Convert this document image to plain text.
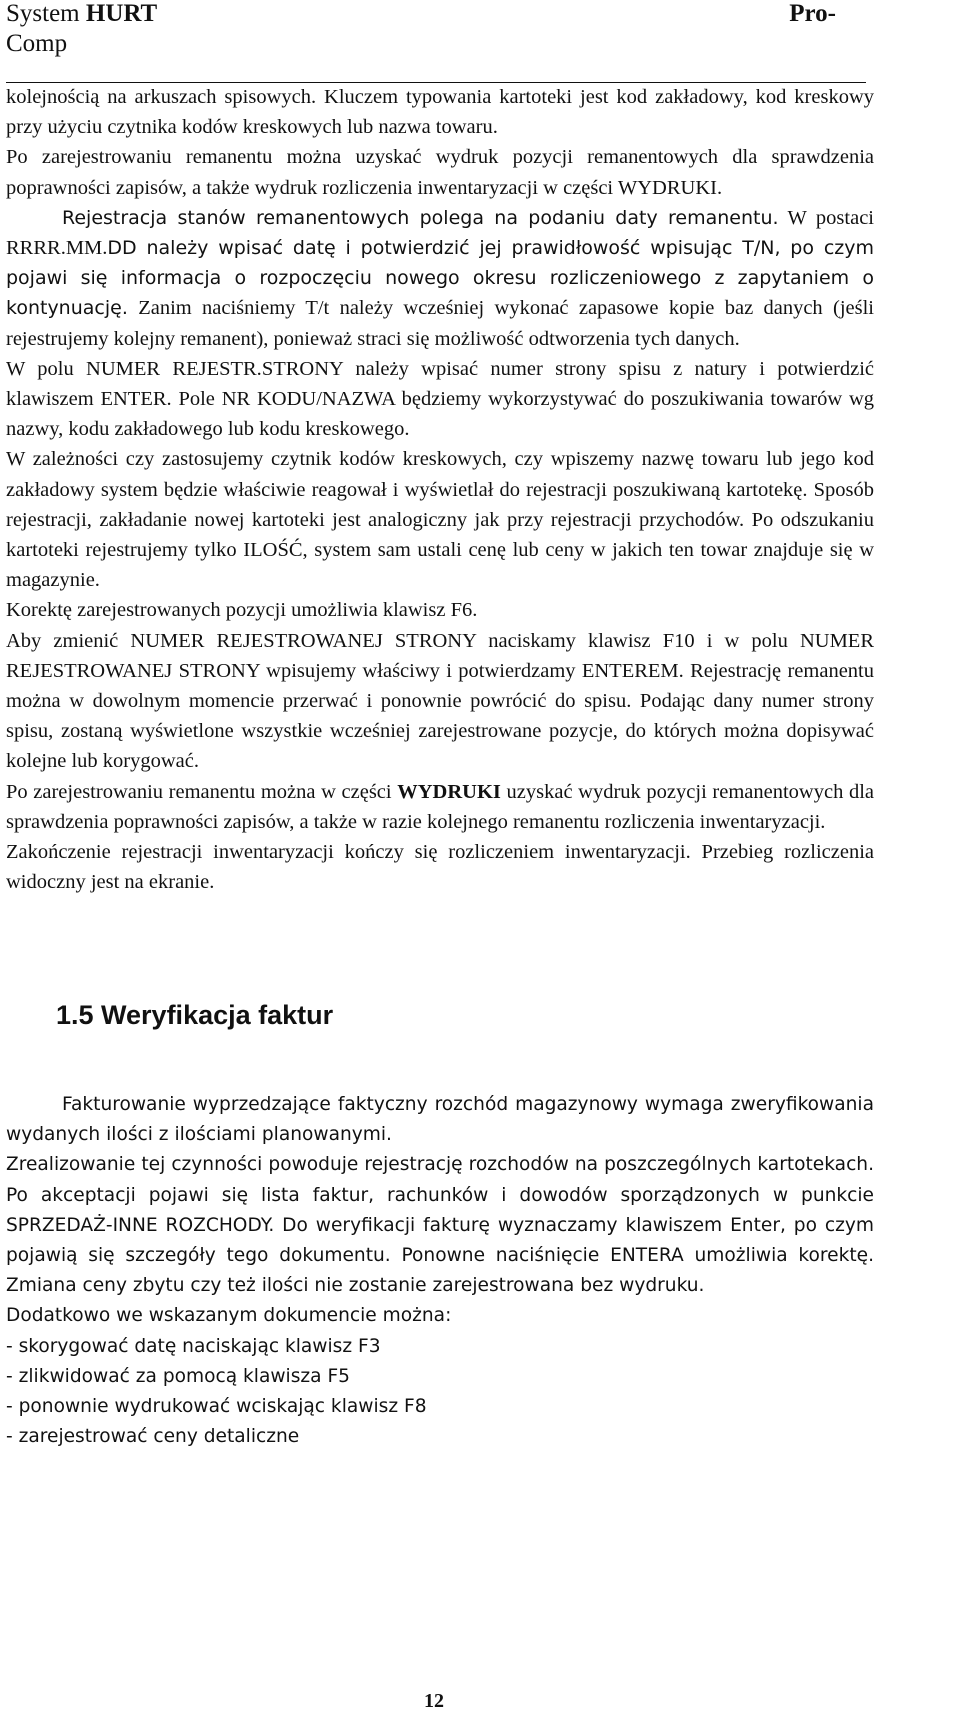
System HURT	Pro-
Comp

kolejnością na arkuszach spisowych. Kluczem typowania kartoteki jest kod zakładowy, kod kreskowy przy użyciu czytnika kodów kreskowych lub nazwa towaru.

Po zarejestrowaniu remanentu można uzyskać wydruk pozycji remanentowych dla sprawdzenia poprawności zapisów, a także wydruk rozliczenia inwentaryzacji w części WYDRUKI.

Rejestracja stanów remanentowych polega na podaniu daty remanentu. W postaci RRRR.MM.DD należy wpisać datę i potwierdzić jej prawidłowość wpisując T/N, po czym pojawi się informacja o rozpoczęciu nowego okresu rozliczeniowego z zapytaniem o kontynuację. Zanim naciśniemy T/t należy wcześniej wykonać zapasowe kopie baz danych (jeśli rejestrujemy kolejny remanent), ponieważ straci się możliwość odtworzenia tych danych.

W polu NUMER REJESTR.STRONY należy wpisać numer strony spisu z natury i potwierdzić klawiszem ENTER. Pole NR KODU/NAZWA będziemy wykorzystywać do poszukiwania towarów wg nazwy, kodu zakładowego lub kodu kreskowego.

W zależności czy zastosujemy czytnik kodów kreskowych, czy wpiszemy nazwę towaru lub jego kod zakładowy system będzie właściwie reagował i wyświetlał do rejestracji poszukiwaną kartotekę. Sposób rejestracji, zakładanie nowej kartoteki jest analogiczny jak przy rejestracji przychodów. Po odszukaniu kartoteki rejestrujemy tylko ILOŚĆ, system sam ustali cenę lub ceny w jakich ten towar znajduje się w magazynie.

Korektę zarejestrowanych pozycji umożliwia klawisz F6.

Aby zmienić NUMER REJESTROWANEJ STRONY naciskamy klawisz F10 i w polu NUMER REJESTROWANEJ STRONY wpisujemy właściwy i potwierdzamy ENTEREM. Rejestrację remanentu można w dowolnym momencie przerwać i ponownie powrócić do spisu. Podając dany numer strony spisu, zostaną wyświetlone wszystkie wcześniej zarejestrowane pozycje, do których można dopisywać kolejne lub korygować.

Po zarejestrowaniu remanentu można w części WYDRUKI uzyskać wydruk pozycji remanentowych dla sprawdzenia poprawności zapisów, a także w razie kolejnego remanentu rozliczenia inwentaryzacji.

Zakończenie rejestracji inwentaryzacji kończy się rozliczeniem inwentaryzacji. Przebieg rozliczenia widoczny jest na ekranie.

1.5 Weryfikacja faktur

Fakturowanie wyprzedzające faktyczny rozchód magazynowy wymaga zweryfikowania wydanych ilości z ilościami planowanymi.

Zrealizowanie tej czynności powoduje rejestrację rozchodów na poszczególnych kartotekach. Po akceptacji pojawi się lista faktur, rachunków i dowodów sporządzonych w punkcie SPRZEDAŻ-INNE ROZCHODY. Do weryfikacji fakturę wyznaczamy klawiszem Enter, po czym pojawią się szczegóły tego dokumentu. Ponowne naciśnięcie ENTERA umożliwia korektę. Zmiana ceny zbytu czy też ilości nie zostanie zarejestrowana bez wydruku.

Dodatkowo we wskazanym dokumencie można:

- skorygować datę naciskając klawisz F3

- zlikwidować za pomocą klawisza F5

- ponownie wydrukować wciskając klawisz F8

- zarejestrować ceny detaliczne

12
